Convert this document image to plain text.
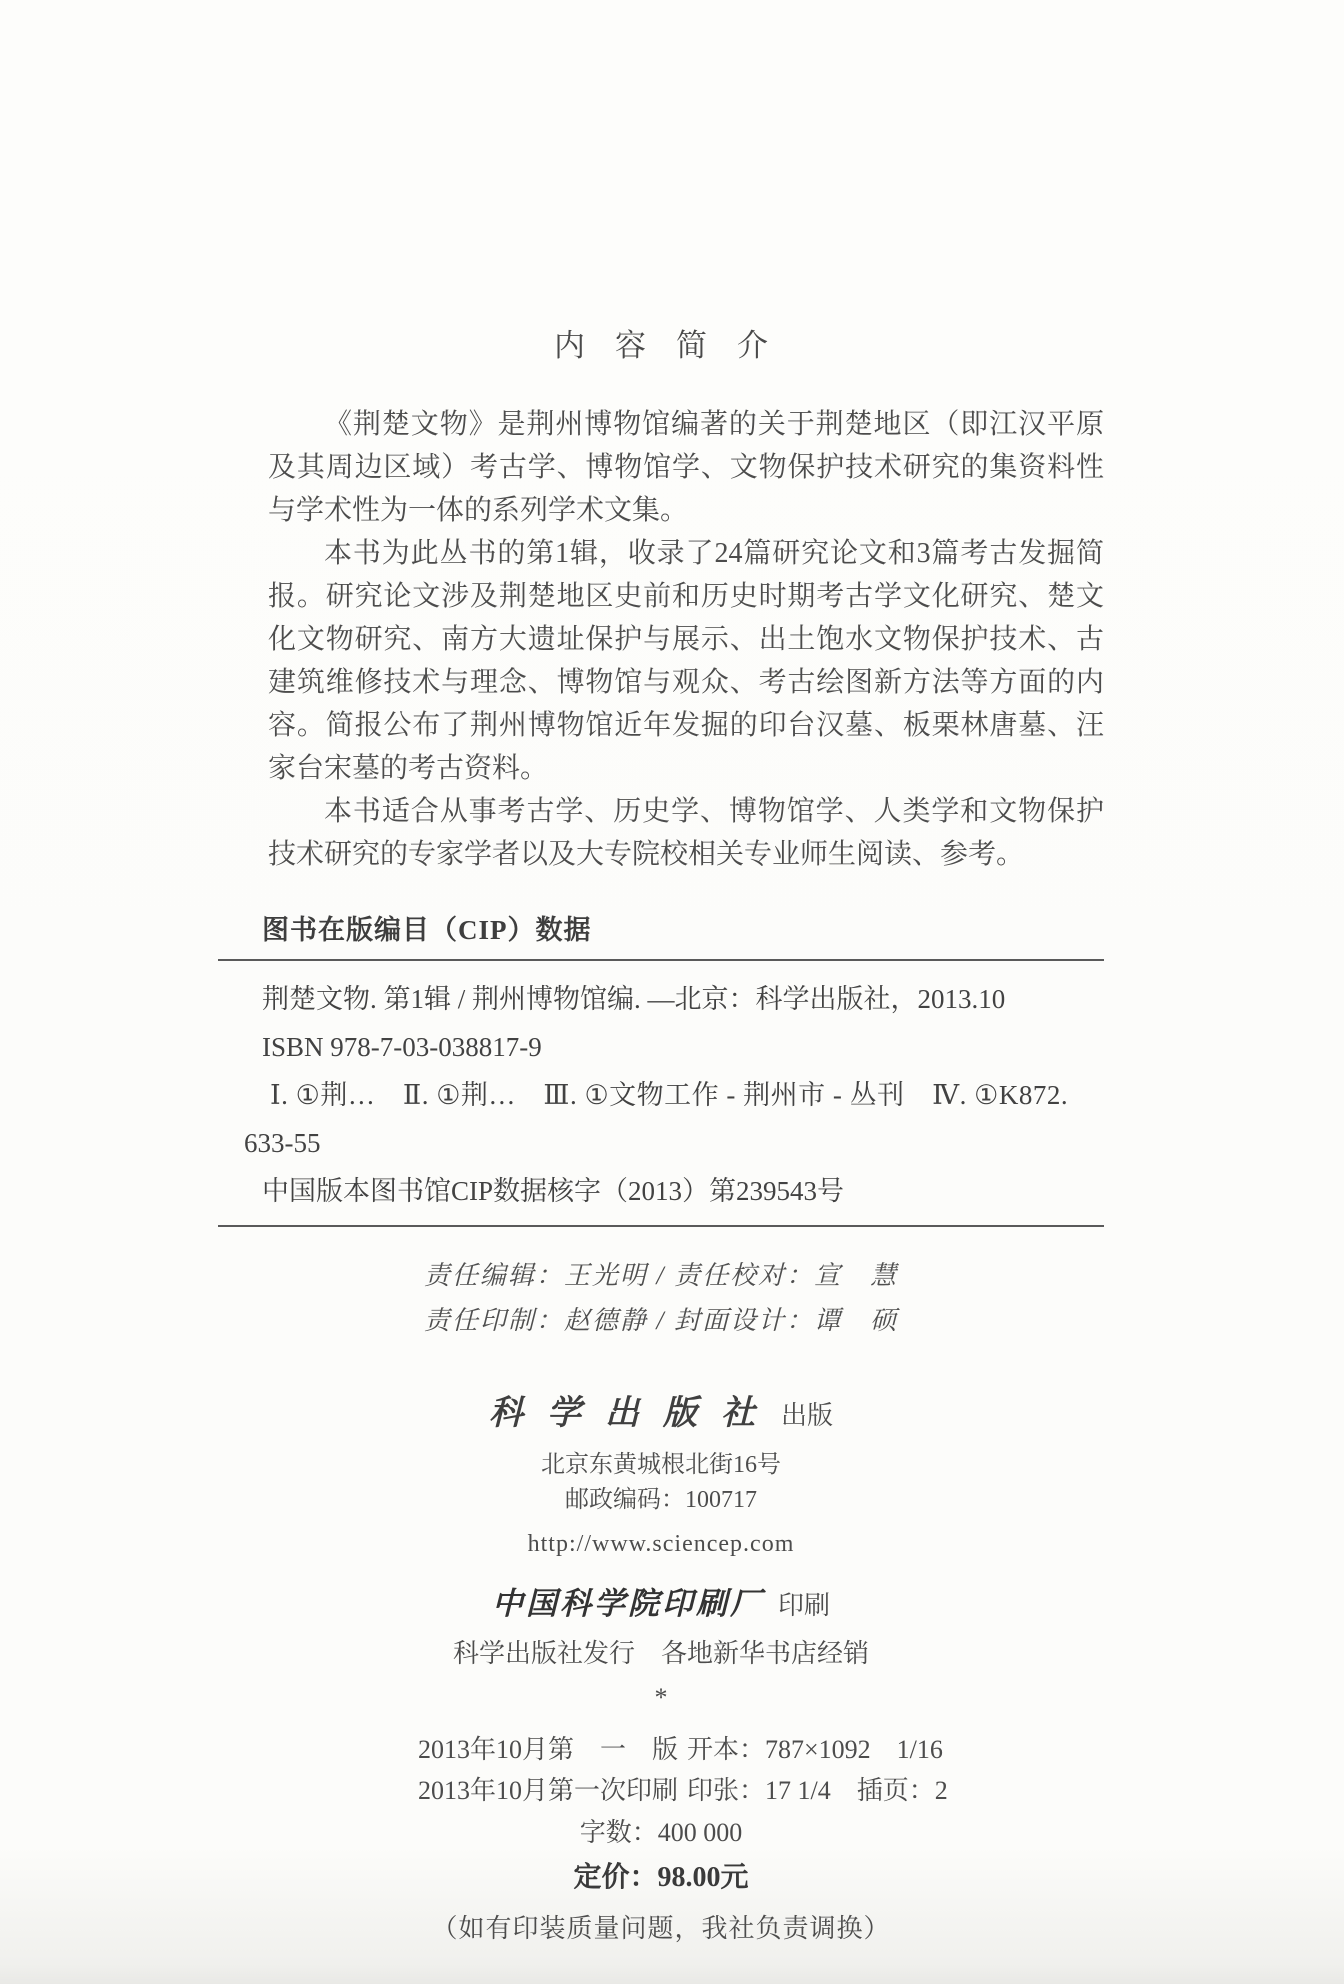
内容简介

《荆楚文物》是荆州博物馆编著的关于荆楚地区（即江汉平原及其周边区域）考古学、博物馆学、文物保护技术研究的集资料性与学术性为一体的系列学术文集。

本书为此丛书的第1辑，收录了24篇研究论文和3篇考古发掘简报。研究论文涉及荆楚地区史前和历史时期考古学文化研究、楚文化文物研究、南方大遗址保护与展示、出土饱水文物保护技术、古建筑维修技术与理念、博物馆与观众、考古绘图新方法等方面的内容。简报公布了荆州博物馆近年发掘的印台汉墓、板栗林唐墓、汪家台宋墓的考古资料。

本书适合从事考古学、历史学、博物馆学、人类学和文物保护技术研究的专家学者以及大专院校相关专业师生阅读、参考。

图书在版编目（CIP）数据
荆楚文物. 第1辑 / 荆州博物馆编. —北京：科学出版社，2013.10
ISBN 978-7-03-038817-9
Ⅰ. ①荆…　Ⅱ. ①荆…　Ⅲ. ①文物工作 - 荆州市 - 丛刊　Ⅳ. ①K872.
633-55
中国版本图书馆CIP数据核字（2013）第239543号
责任编辑：王光明 / 责任校对：宣　慧
责任印制：赵德静 / 封面设计：谭　硕
科学出版社出版
北京东黄城根北街16号
邮政编码：100717
http://www.sciencep.com
中国科学院印刷厂 印刷
科学出版社发行　各地新华书店经销
*
2013年10月第　一　版 开本：787×1092　1/16
2013年10月第一次印刷 印张：17 1/4　插页：2
字数：400 000
定价：98.00元
（如有印装质量问题，我社负责调换）
